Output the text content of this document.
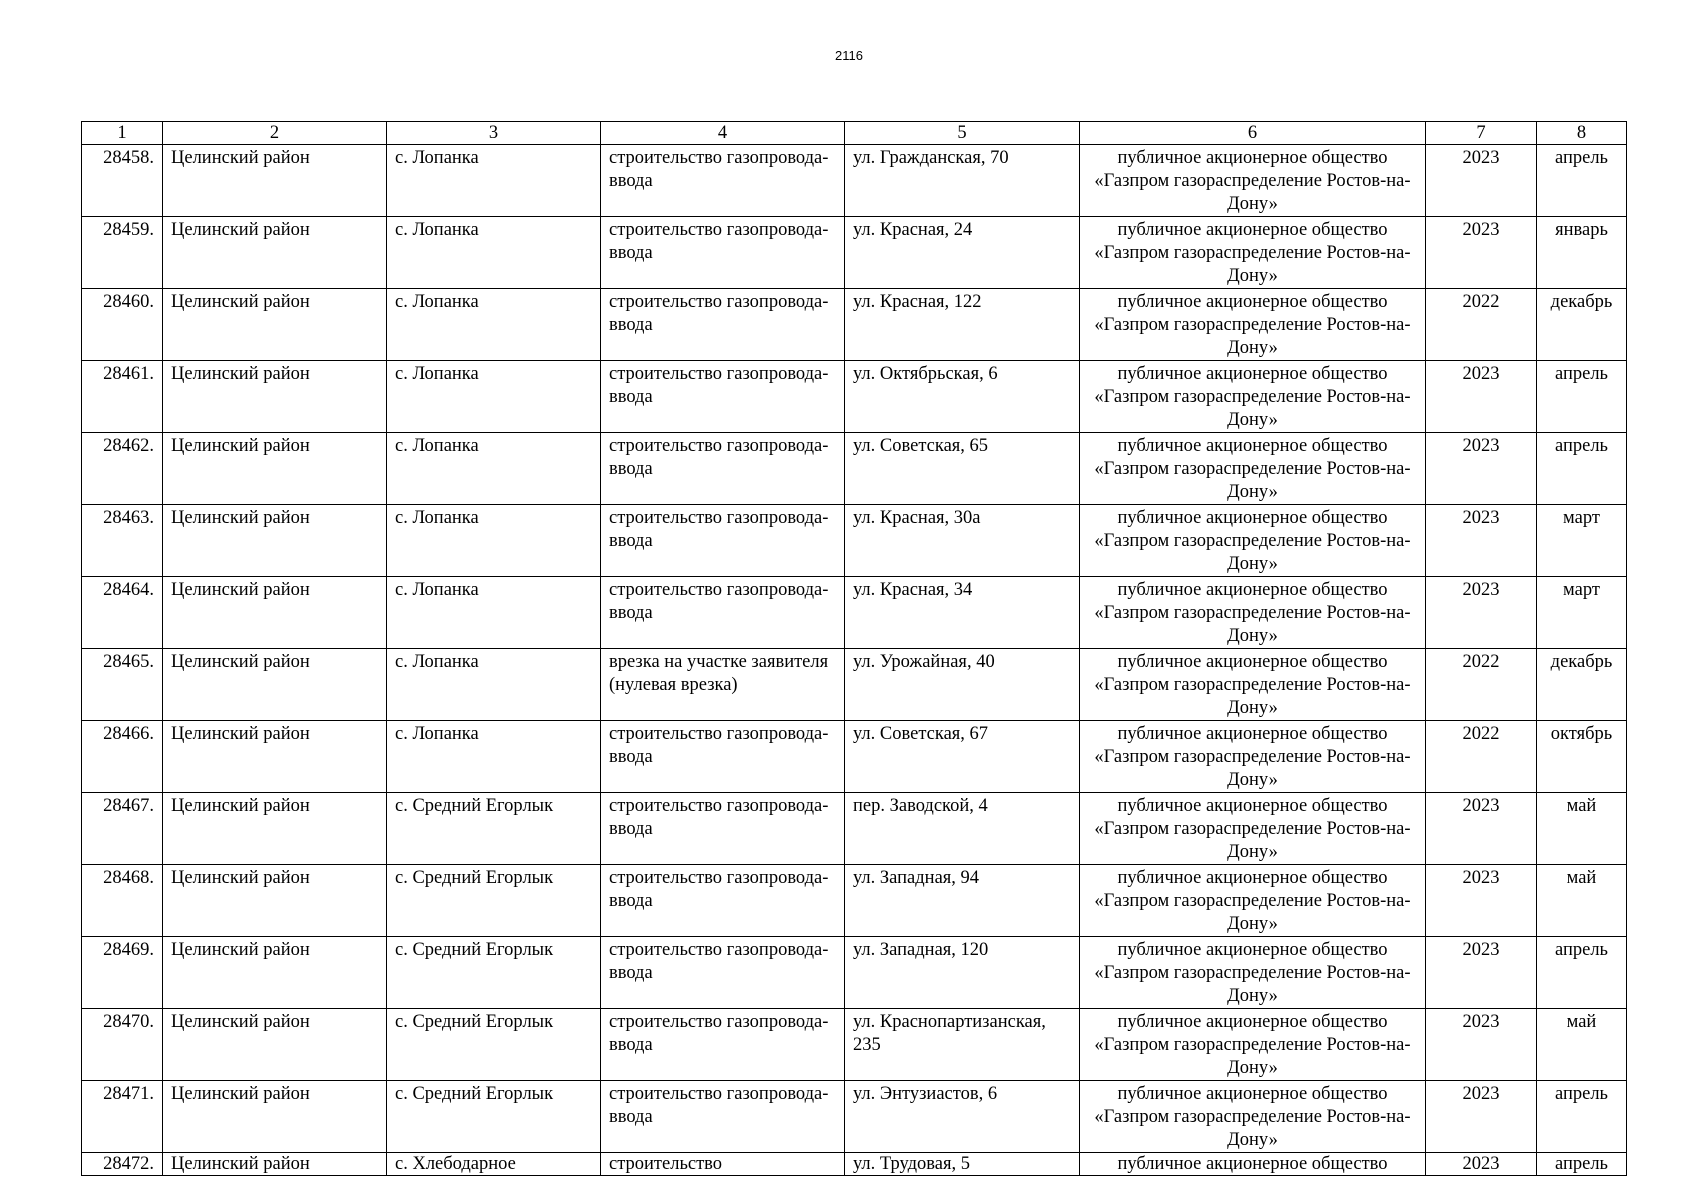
2116
1	2	3	4	5	6	7	8
28458.	Целинский район	с. Лопанка	строительство газопровода-ввода	ул. Гражданская, 70	публичное акционерное общество «Газпром газораспределение Ростов-на-Дону»	2023	апрель
28459.	Целинский район	с. Лопанка	строительство газопровода-ввода	ул. Красная, 24	публичное акционерное общество «Газпром газораспределение Ростов-на-Дону»	2023	январь
28460.	Целинский район	с. Лопанка	строительство газопровода-ввода	ул. Красная, 122	публичное акционерное общество «Газпром газораспределение Ростов-на-Дону»	2022	декабрь
28461.	Целинский район	с. Лопанка	строительство газопровода-ввода	ул. Октябрьская, 6	публичное акционерное общество «Газпром газораспределение Ростов-на-Дону»	2023	апрель
28462.	Целинский район	с. Лопанка	строительство газопровода-ввода	ул. Советская, 65	публичное акционерное общество «Газпром газораспределение Ростов-на-Дону»	2023	апрель
28463.	Целинский район	с. Лопанка	строительство газопровода-ввода	ул. Красная, 30а	публичное акционерное общество «Газпром газораспределение Ростов-на-Дону»	2023	март
28464.	Целинский район	с. Лопанка	строительство газопровода-ввода	ул. Красная, 34	публичное акционерное общество «Газпром газораспределение Ростов-на-Дону»	2023	март
28465.	Целинский район	с. Лопанка	врезка на участке заявителя (нулевая врезка)	ул. Урожайная, 40	публичное акционерное общество «Газпром газораспределение Ростов-на-Дону»	2022	декабрь
28466.	Целинский район	с. Лопанка	строительство газопровода-ввода	ул. Советская, 67	публичное акционерное общество «Газпром газораспределение Ростов-на-Дону»	2022	октябрь
28467.	Целинский район	с. Средний Егорлык	строительство газопровода-ввода	пер. Заводской, 4	публичное акционерное общество «Газпром газораспределение Ростов-на-Дону»	2023	май
28468.	Целинский район	с. Средний Егорлык	строительство газопровода-ввода	ул. Западная, 94	публичное акционерное общество «Газпром газораспределение Ростов-на-Дону»	2023	май
28469.	Целинский район	с. Средний Егорлык	строительство газопровода-ввода	ул. Западная, 120	публичное акционерное общество «Газпром газораспределение Ростов-на-Дону»	2023	апрель
28470.	Целинский район	с. Средний Егорлык	строительство газопровода-ввода	ул. Краснопартизанская, 235	публичное акционерное общество «Газпром газораспределение Ростов-на-Дону»	2023	май
28471.	Целинский район	с. Средний Егорлык	строительство газопровода-ввода	ул. Энтузиастов, 6	публичное акционерное общество «Газпром газораспределение Ростов-на-Дону»	2023	апрель
28472.	Целинский район	с. Хлебодарное	строительство	ул. Трудовая, 5	публичное акционерное общество	2023	апрель
